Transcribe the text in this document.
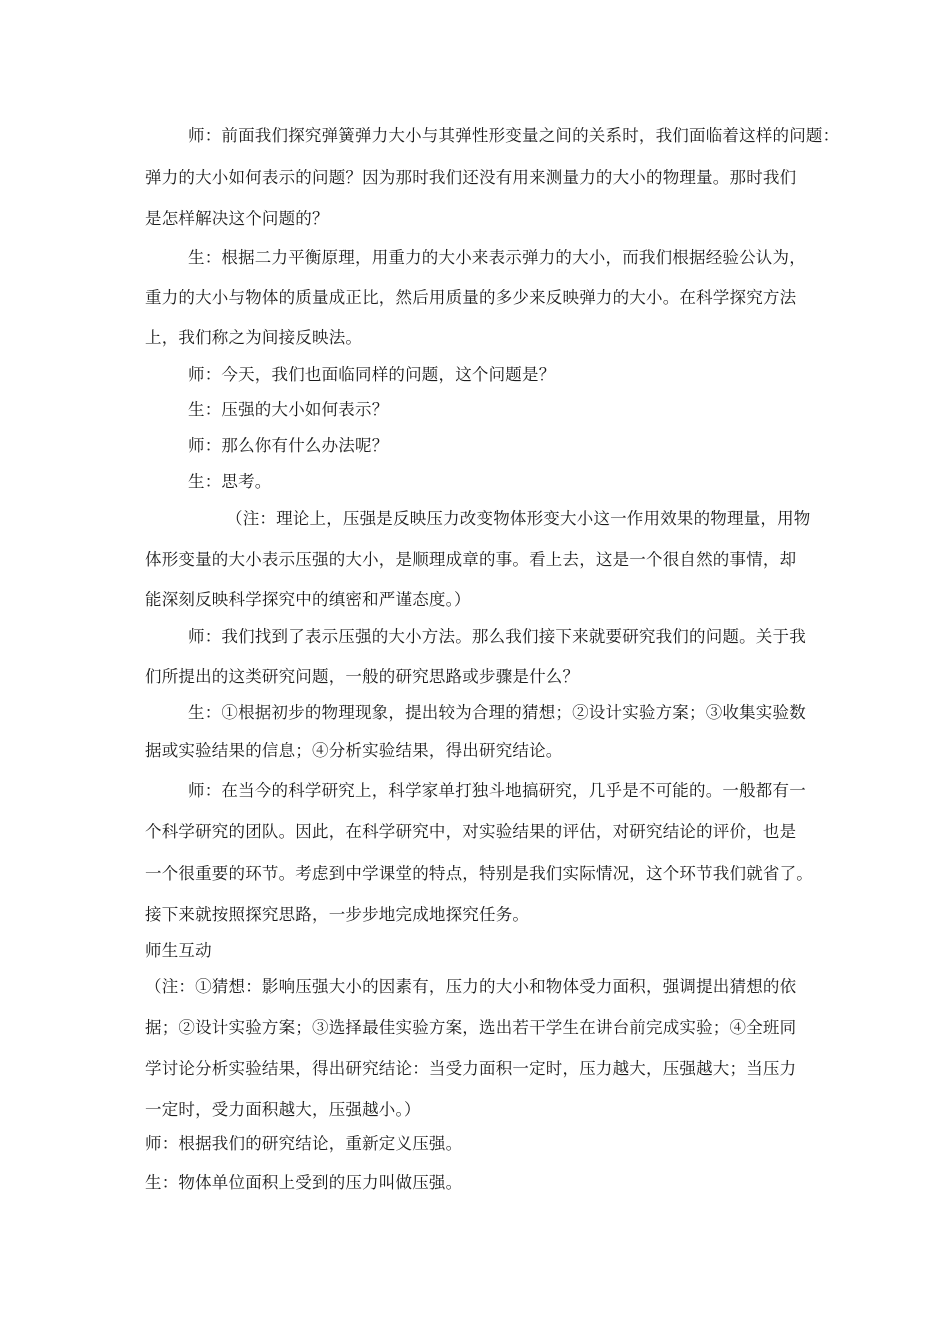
师：前面我们探究弹簧弹力大小与其弹性形变量之间的关系时，我们面临着这样的问题：
弹力的大小如何表示的问题？因为那时我们还没有用来测量力的大小的物理量。那时我们
是怎样解决这个问题的？
生：根据二力平衡原理，用重力的大小来表示弹力的大小，而我们根据经验公认为，
重力的大小与物体的质量成正比，然后用质量的多少来反映弹力的大小。在科学探究方法
上，我们称之为间接反映法。
师：今天，我们也面临同样的问题，这个问题是？
生：压强的大小如何表示？
师：那么你有什么办法呢？
生：思考。
（注：理论上，压强是反映压力改变物体形变大小这一作用效果的物理量，用物
体形变量的大小表示压强的大小，是顺理成章的事。看上去，这是一个很自然的事情，却
能深刻反映科学探究中的缜密和严谨态度。）
师：我们找到了表示压强的大小方法。那么我们接下来就要研究我们的问题。关于我
们所提出的这类研究问题，一般的研究思路或步骤是什么？
生：①根据初步的物理现象，提出较为合理的猜想；②设计实验方案；③收集实验数
据或实验结果的信息；④分析实验结果，得出研究结论。
师：在当今的科学研究上，科学家单打独斗地搞研究，几乎是不可能的。一般都有一
个科学研究的团队。因此，在科学研究中，对实验结果的评估，对研究结论的评价，也是
一个很重要的环节。考虑到中学课堂的特点，特别是我们实际情况，这个环节我们就省了。
接下来就按照探究思路，一步步地完成地探究任务。
师生互动
（注：①猜想：影响压强大小的因素有，压力的大小和物体受力面积，强调提出猜想的依
据；②设计实验方案；③选择最佳实验方案，选出若干学生在讲台前完成实验；④全班同
学讨论分析实验结果，得出研究结论：当受力面积一定时，压力越大，压强越大；当压力
一定时，受力面积越大，压强越小。）
师：根据我们的研究结论，重新定义压强。
生：物体单位面积上受到的压力叫做压强。
